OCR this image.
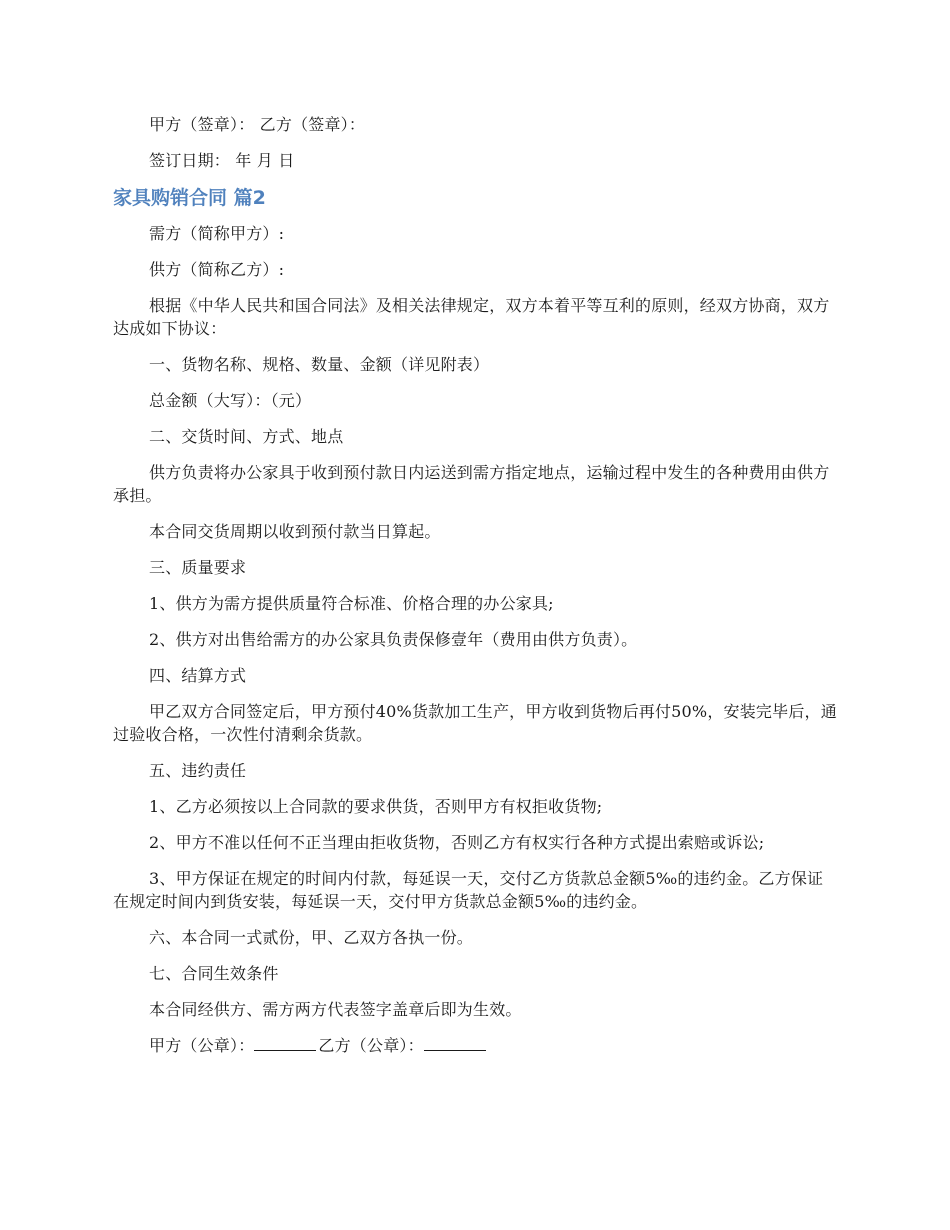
甲方（签章）： 乙方（签章）：

签订日期： 年 月 日

家具购销合同 篇2

需方（简称甲方）:

供方（简称乙方）:

根据《中华人民共和国合同法》及相关法律规定，双方本着平等互利的原则，经双方协商，双方达成如下协议：

一、货物名称、规格、数量、金额（详见附表）

总金额（大写）：（元）

二、交货时间、方式、地点

供方负责将办公家具于收到预付款日内运送到需方指定地点，运输过程中发生的各种费用由供方承担。

本合同交货周期以收到预付款当日算起。

三、质量要求

1、供方为需方提供质量符合标准、价格合理的办公家具;

2、供方对出售给需方的办公家具负责保修壹年（费用由供方负责）。

四、结算方式

甲乙双方合同签定后，甲方预付40%货款加工生产，甲方收到货物后再付50%，安装完毕后，通过验收合格，一次性付清剩余货款。

五、违约责任

1、乙方必须按以上合同款的要求供货，否则甲方有权拒收货物;

2、甲方不准以任何不正当理由拒收货物，否则乙方有权实行各种方式提出索赔或诉讼;

3、甲方保证在规定的时间内付款，每延误一天，交付乙方货款总金额5‰的违约金。乙方保证在规定时间内到货安装，每延误一天，交付甲方货款总金额5‰的违约金。

六、本合同一式贰份，甲、乙双方各执一份。

七、合同生效条件

本合同经供方、需方两方代表签字盖章后即为生效。

甲方（公章）：	乙方（公章）：
